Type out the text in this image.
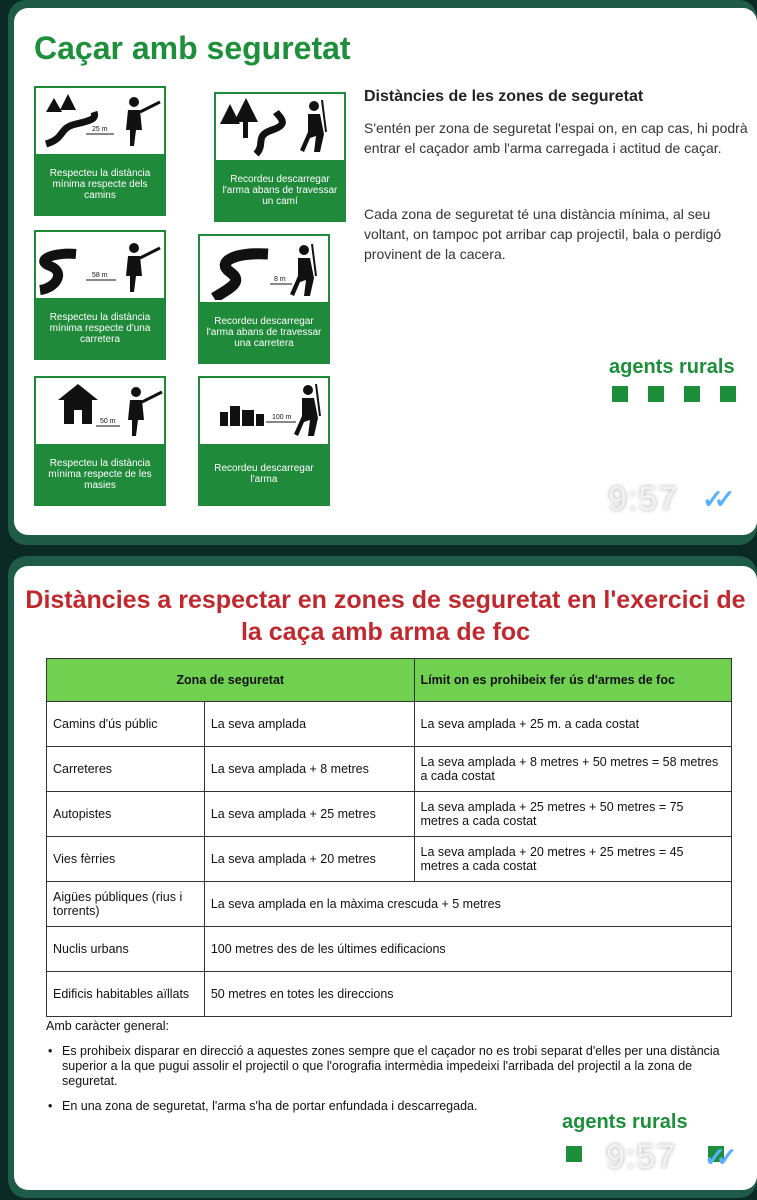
Caçar amb seguretat
25 m
Respecteu la distància mínima respecte dels camins
Recordeu descarregar l'arma abans de travessar un camí
58 m
Respecteu la distància mínima respecte d'una carretera
8 m
Recordeu descarregar l'arma abans de travessar una carretera
50 m
Respecteu la distància mínima respecte de les masies
100 m
Recordeu descarregar l'arma
Distàncies de les zones de seguretat

S'entén per zona de seguretat l'espai on, en cap cas, hi podrà entrar el caçador amb l'arma carregada i actitud de caçar.

Cada zona de seguretat té una distància mínima, al seu voltant, on tampoc pot arribar cap projectil, bala o perdigó provinent de la cacera.

agents rurals
9:57 ✓✓
Distàncies a respectar en zones de seguretat en l'exercici de la caça amb arma de foc
Zona de seguretat		Límit on es prohibeix fer ús d'armes de foc
Camins d'ús públic	La seva amplada	La seva amplada + 25 m. a cada costat
Carreteres	La seva amplada + 8 metres	La seva amplada + 8 metres + 50 metres = 58 metres a cada costat
Autopistes	La seva amplada + 25 metres	La seva amplada + 25 metres + 50 metres = 75 metres a cada costat
Vies fèrries	La seva amplada + 20 metres	La seva amplada + 20 metres + 25 metres = 45 metres a cada costat
Aigües públiques (rius i torrents)	La seva amplada en la màxima crescuda + 5 metres	
Nuclis urbans	100 metres des de les últimes edificacions	
Edificis habitables aïllats	50 metres en totes les direccions	

Amb caràcter general:

• Es prohibeix disparar en direcció a aquestes zones sempre que el caçador no es trobi separat d'elles per una distància superior a la que pugui assolir el projectil o que l'orografia intermèdia impedeixi l'arribada del projectil a la zona de seguretat.
• En una zona de seguretat, l'arma s'ha de portar enfundada i descarregada.
agents rurals
9:57 ✓✓
